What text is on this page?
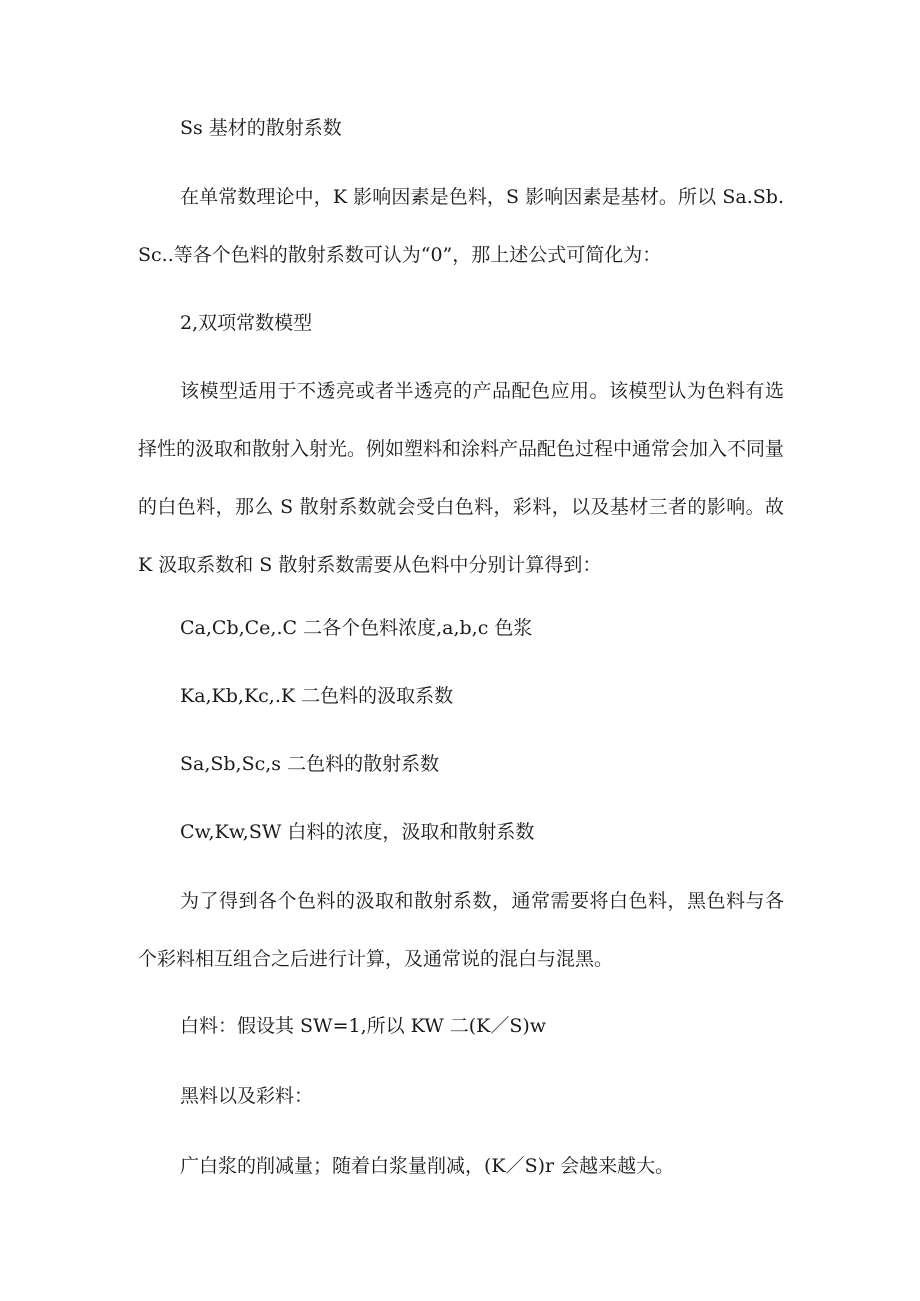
Ss 基材的散射系数

在单常数理论中，K 影响因素是色料，S 影响因素是基材。所以 Sa.Sb.Sc..等各个色料的散射系数可认为“0”，那上述公式可简化为：

2,双项常数模型

该模型适用于不透亮或者半透亮的产品配色应用。该模型认为色料有选择性的汲取和散射入射光。例如塑料和涂料产品配色过程中通常会加入不同量的白色料，那么 S 散射系数就会受白色料，彩料，以及基材三者的影响。故 K 汲取系数和 S 散射系数需要从色料中分别计算得到：

Ca,Cb,Ce,.C 二各个色料浓度,a,b,c 色浆

Ka,Kb,Kc,.K 二色料的汲取系数

Sa,Sb,Sc,s 二色料的散射系数

Cw,Kw,SW 白料的浓度，汲取和散射系数

为了得到各个色料的汲取和散射系数，通常需要将白色料，黑色料与各个彩料相互组合之后进行计算，及通常说的混白与混黑。

白料：假设其 SW=1,所以 KW 二(K／S)w

黑料以及彩料：

广白浆的削减量；随着白浆量削减，(K／S)r 会越来越大。
